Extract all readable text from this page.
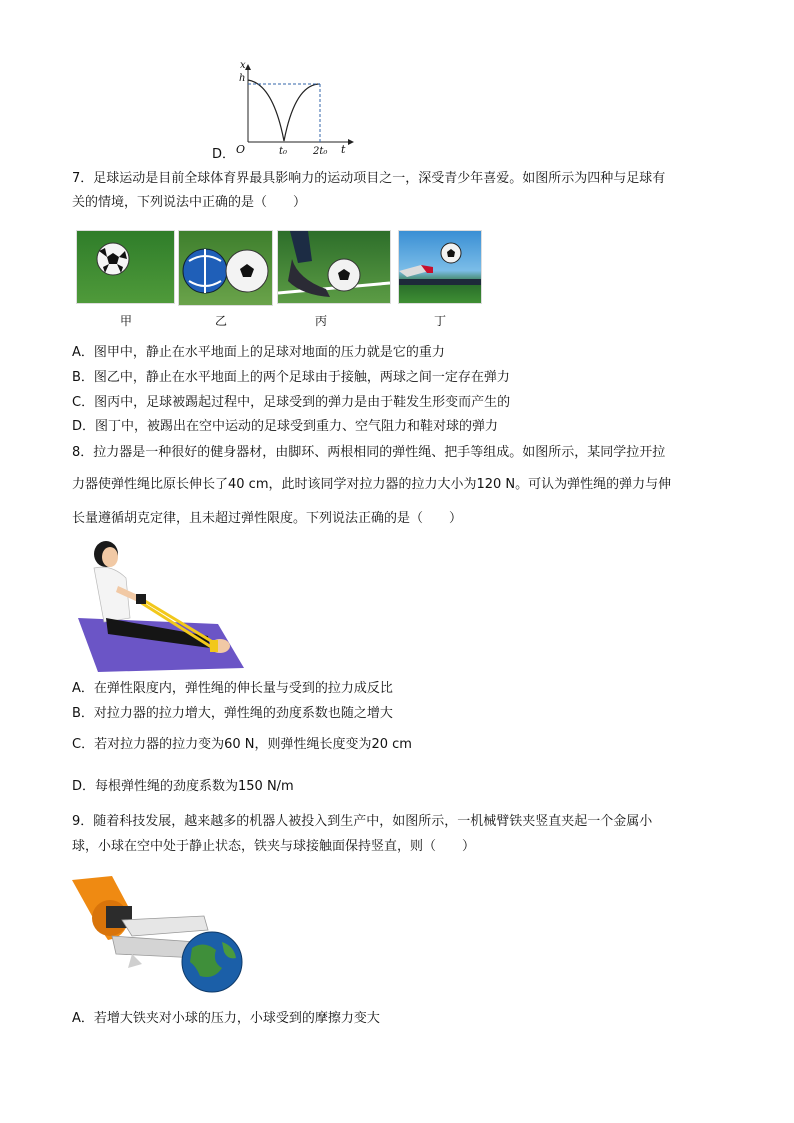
D．
x
h
O	t₀	2t₀ t
7．足球运动是目前全球体育界最具影响力的运动项目之一，深受青少年喜爱。如图所示为四种与足球有
关的情境，下列说法中正确的是（　　）
甲	乙	丙	丁
A．图甲中，静止在水平地面上的足球对地面的压力就是它的重力
B．图乙中，静止在水平地面上的两个足球由于接触，两球之间一定存在弹力
C．图丙中，足球被踢起过程中，足球受到的弹力是由于鞋发生形变而产生的
D．图丁中，被踢出在空中运动的足球受到重力、空气阻力和鞋对球的弹力
8．拉力器是一种很好的健身器材，由脚环、两根相同的弹性绳、把手等组成。如图所示，某同学拉开拉
力器使弹性绳比原长伸长了40 cm，此时该同学对拉力器的拉力大小为120 N。可认为弹性绳的弹力与伸
长量遵循胡克定律，且未超过弹性限度。下列说法正确的是（　　）
A．在弹性限度内，弹性绳的伸长量与受到的拉力成反比
B．对拉力器的拉力增大，弹性绳的劲度系数也随之增大
C．若对拉力器的拉力变为60 N，则弹性绳长度变为20 cm
D．每根弹性绳的劲度系数为150 N/m
9．随着科技发展，越来越多的机器人被投入到生产中，如图所示，一机械臂铁夹竖直夹起一个金属小
球，小球在空中处于静止状态，铁夹与球接触面保持竖直，则（　　）
A．若增大铁夹对小球的压力，小球受到的摩擦力变大
